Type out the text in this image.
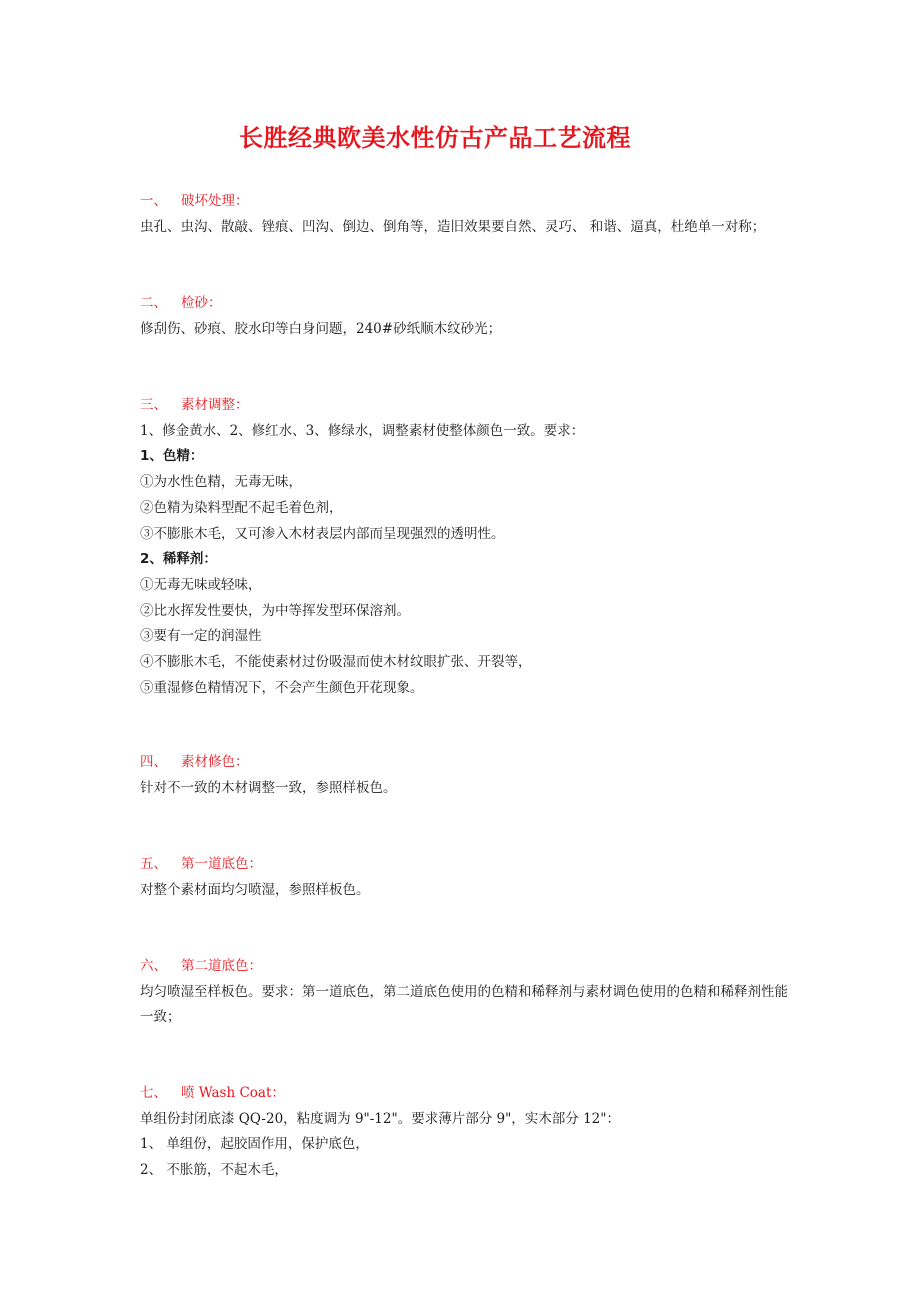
长胜经典欧美水性仿古产品工艺流程
一、 破坏处理：
虫孔、虫沟、散敲、锉痕、凹沟、倒边、倒角等，造旧效果要自然、灵巧、 和谐、逼真，杜绝单一对称；
二、 检砂：
修刮伤、砂痕、胶水印等白身问题，240#砂纸顺木纹砂光；
三、 素材调整：
1、修金黄水、2、修红水、3、修绿水，调整素材使整体颜色一致。要求：
1、色精：
①为水性色精，无毒无味，
②色精为染料型配不起毛着色剂，
③不膨胀木毛，又可渗入木材表层内部而呈现强烈的透明性。
2、稀释剂：
①无毒无味或轻味，
②比水挥发性要快，为中等挥发型环保溶剂。
③要有一定的润湿性
④不膨胀木毛，不能使素材过份吸湿而使木材纹眼扩张、开裂等，
⑤重湿修色精情况下，不会产生颜色开花现象。
四、 素材修色：
针对不一致的木材调整一致，参照样板色。
五、 第一道底色：
对整个素材面均匀喷湿，参照样板色。
六、 第二道底色：
均匀喷湿至样板色。要求：第一道底色，第二道底色使用的色精和稀释剂与素材调色使用的色精和稀释剂性能一致；
七、 喷 Wash Coat：
单组份封闭底漆 QQ-20，粘度调为 9"-12"。要求薄片部分 9"，实木部分 12"：
1、 单组份，起胶固作用，保护底色，
2、 不胀筋，不起木毛，
